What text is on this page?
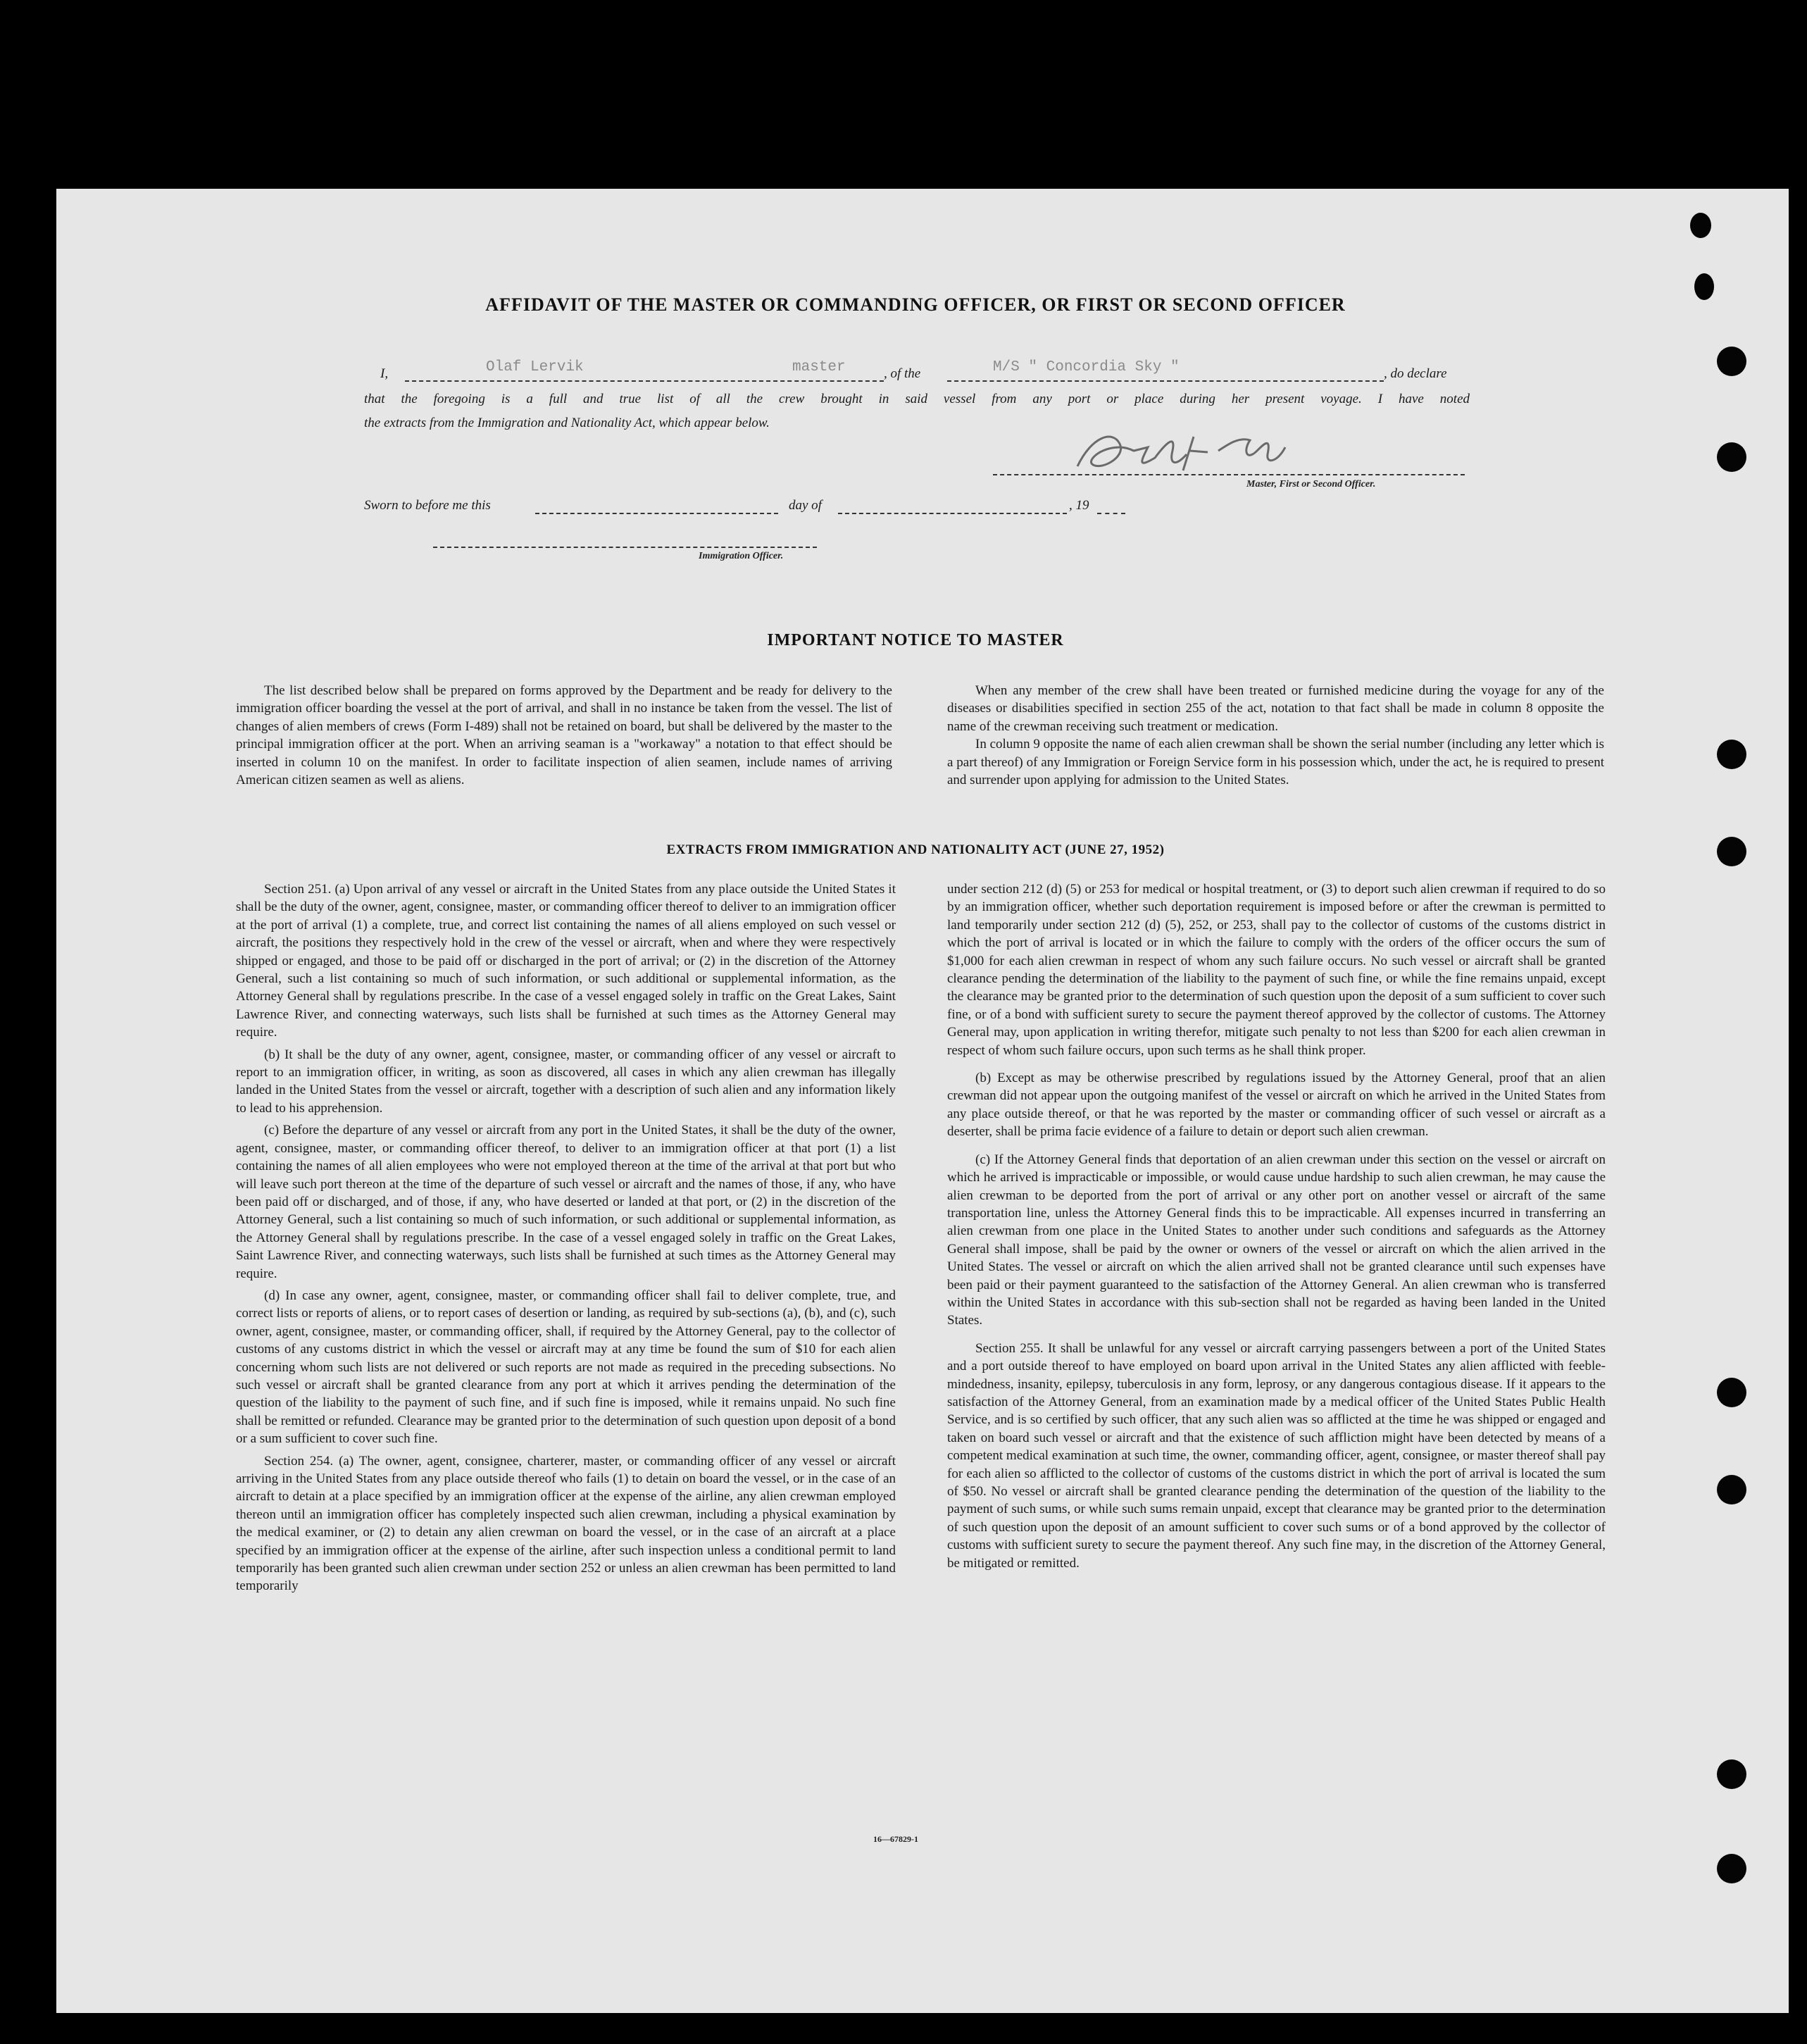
AFFIDAVIT OF THE MASTER OR COMMANDING OFFICER, OR FIRST OR SECOND OFFICER
I,	Olaf Lervik	master	, of the	M/S " Concordia Sky "	, do declare
that the foregoing is a full and true list of all the crew brought in said vessel from any port or place during her present voyage. I have noted
the extracts from the Immigration and Nationality Act, which appear below.
Master, First or Second Officer.
Sworn to before me this	day of	, 19
Immigration Officer.
IMPORTANT NOTICE TO MASTER

The list described below shall be prepared on forms approved by the Department and be ready for delivery to the immigration officer boarding the vessel at the port of arrival, and shall in no instance be taken from the vessel. The list of changes of alien members of crews (Form I-489) shall not be retained on board, but shall be delivered by the master to the principal immigration officer at the port. When an arriving seaman is a "workaway" a notation to that effect should be inserted in column 10 on the manifest. In order to facilitate inspection of alien seamen, include names of arriving American citizen seamen as well as aliens.

When any member of the crew shall have been treated or furnished medicine during the voyage for any of the diseases or disabilities specified in section 255 of the act, notation to that fact shall be made in column 8 opposite the name of the crewman receiving such treatment or medication.

In column 9 opposite the name of each alien crewman shall be shown the serial number (including any letter which is a part thereof) of any Immigration or Foreign Service form in his possession which, under the act, he is required to present and surrender upon applying for admission to the United States.

EXTRACTS FROM IMMIGRATION AND NATIONALITY ACT (JUNE 27, 1952)

Section 251. (a) Upon arrival of any vessel or aircraft in the United States from any place outside the United States it shall be the duty of the owner, agent, consignee, master, or commanding officer thereof to deliver to an immigration officer at the port of arrival (1) a complete, true, and correct list containing the names of all aliens employed on such vessel or aircraft, the positions they respectively hold in the crew of the vessel or aircraft, when and where they were respectively shipped or engaged, and those to be paid off or discharged in the port of arrival; or (2) in the discretion of the Attorney General, such a list containing so much of such information, or such additional or supplemental information, as the Attorney General shall by regulations prescribe. In the case of a vessel engaged solely in traffic on the Great Lakes, Saint Lawrence River, and connecting waterways, such lists shall be furnished at such times as the Attorney General may require.

(b) It shall be the duty of any owner, agent, consignee, master, or commanding officer of any vessel or aircraft to report to an immigration officer, in writing, as soon as discovered, all cases in which any alien crewman has illegally landed in the United States from the vessel or aircraft, together with a description of such alien and any information likely to lead to his apprehension.

(c) Before the departure of any vessel or aircraft from any port in the United States, it shall be the duty of the owner, agent, consignee, master, or commanding officer thereof, to deliver to an immigration officer at that port (1) a list containing the names of all alien employees who were not employed thereon at the time of the arrival at that port but who will leave such port thereon at the time of the departure of such vessel or aircraft and the names of those, if any, who have been paid off or discharged, and of those, if any, who have deserted or landed at that port, or (2) in the discretion of the Attorney General, such a list containing so much of such information, or such additional or supplemental information, as the Attorney General shall by regulations prescribe. In the case of a vessel engaged solely in traffic on the Great Lakes, Saint Lawrence River, and connecting waterways, such lists shall be furnished at such times as the Attorney General may require.

(d) In case any owner, agent, consignee, master, or commanding officer shall fail to deliver complete, true, and correct lists or reports of aliens, or to report cases of desertion or landing, as required by sub-sections (a), (b), and (c), such owner, agent, consignee, master, or commanding officer, shall, if required by the Attorney General, pay to the collector of customs of any customs district in which the vessel or aircraft may at any time be found the sum of $10 for each alien concerning whom such lists are not delivered or such reports are not made as required in the preceding subsections. No such vessel or aircraft shall be granted clearance from any port at which it arrives pending the determination of the question of the liability to the payment of such fine, and if such fine is imposed, while it remains unpaid. No such fine shall be remitted or refunded. Clearance may be granted prior to the determination of such question upon deposit of a bond or a sum sufficient to cover such fine.

Section 254. (a) The owner, agent, consignee, charterer, master, or commanding officer of any vessel or aircraft arriving in the United States from any place outside thereof who fails (1) to detain on board the vessel, or in the case of an aircraft to detain at a place specified by an immigration officer at the expense of the airline, any alien crewman employed thereon until an immigration officer has completely inspected such alien crewman, including a physical examination by the medical examiner, or (2) to detain any alien crewman on board the vessel, or in the case of an aircraft at a place specified by an immigration officer at the expense of the airline, after such inspection unless a conditional permit to land temporarily has been granted such alien crewman under section 252 or unless an alien crewman has been permitted to land temporarily

under section 212 (d) (5) or 253 for medical or hospital treatment, or (3) to deport such alien crewman if required to do so by an immigration officer, whether such deportation requirement is imposed before or after the crewman is permitted to land temporarily under section 212 (d) (5), 252, or 253, shall pay to the collector of customs of the customs district in which the port of arrival is located or in which the failure to comply with the orders of the officer occurs the sum of $1,000 for each alien crewman in respect of whom any such failure occurs. No such vessel or aircraft shall be granted clearance pending the determination of the liability to the payment of such fine, or while the fine remains unpaid, except the clearance may be granted prior to the determination of such question upon the deposit of a sum sufficient to cover such fine, or of a bond with sufficient surety to secure the payment thereof approved by the collector of customs. The Attorney General may, upon application in writing therefor, mitigate such penalty to not less than $200 for each alien crewman in respect of whom such failure occurs, upon such terms as he shall think proper.

(b) Except as may be otherwise prescribed by regulations issued by the Attorney General, proof that an alien crewman did not appear upon the outgoing manifest of the vessel or aircraft on which he arrived in the United States from any place outside thereof, or that he was reported by the master or commanding officer of such vessel or aircraft as a deserter, shall be prima facie evidence of a failure to detain or deport such alien crewman.

(c) If the Attorney General finds that deportation of an alien crewman under this section on the vessel or aircraft on which he arrived is impracticable or impossible, or would cause undue hardship to such alien crewman, he may cause the alien crewman to be deported from the port of arrival or any other port on another vessel or aircraft of the same transportation line, unless the Attorney General finds this to be impracticable. All expenses incurred in transferring an alien crewman from one place in the United States to another under such conditions and safeguards as the Attorney General shall impose, shall be paid by the owner or owners of the vessel or aircraft on which the alien arrived in the United States. The vessel or aircraft on which the alien arrived shall not be granted clearance until such expenses have been paid or their payment guaranteed to the satisfaction of the Attorney General. An alien crewman who is transferred within the United States in accordance with this sub-section shall not be regarded as having been landed in the United States.

Section 255. It shall be unlawful for any vessel or aircraft carrying passengers between a port of the United States and a port outside thereof to have employed on board upon arrival in the United States any alien afflicted with feeble-mindedness, insanity, epilepsy, tuberculosis in any form, leprosy, or any dangerous contagious disease. If it appears to the satisfaction of the Attorney General, from an examination made by a medical officer of the United States Public Health Service, and is so certified by such officer, that any such alien was so afflicted at the time he was shipped or engaged and taken on board such vessel or aircraft and that the existence of such affliction might have been detected by means of a competent medical examination at such time, the owner, commanding officer, agent, consignee, or master thereof shall pay for each alien so afflicted to the collector of customs of the customs district in which the port of arrival is located the sum of $50. No vessel or aircraft shall be granted clearance pending the determination of the question of the liability to the payment of such sums, or while such sums remain unpaid, except that clearance may be granted prior to the determination of such question upon the deposit of an amount sufficient to cover such sums or of a bond approved by the collector of customs with sufficient surety to secure the payment thereof. Any such fine may, in the discretion of the Attorney General, be mitigated or remitted.

16—67829-1
